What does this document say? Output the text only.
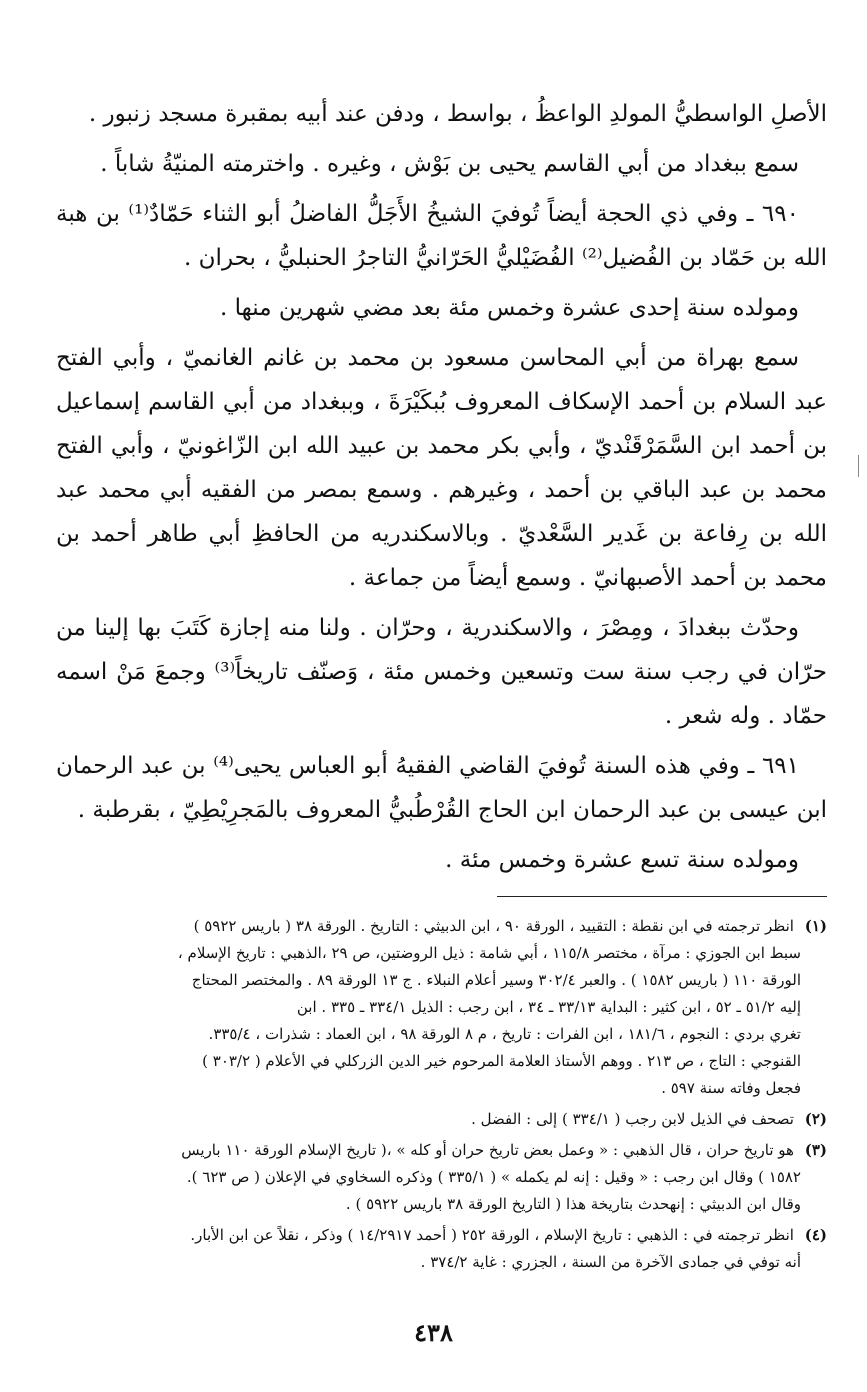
الأصلِ الواسطيُّ المولدِ الواعظُ ، بواسط ، ودفن عند أبيه بمقبرة مسجد زنبور .

سمع ببغداد من أبي القاسم يحيى بن بَوْش ، وغيره . واخترمته المنيّةُ شاباً .

٦٩٠ ـ وفي ذي الحجة أيضاً تُوفيَ الشيخُ الأَجَلُّ الفاضلُ أبو الثناء حَمّادٌ⁽¹⁾ بن هبة الله بن حَمّاد بن الفُضيل⁽²⁾ الفُضَيْليُّ الحَرّانيُّ التاجرُ الحنبليُّ ، بحران .

ومولده سنة إحدى عشرة وخمس مئة بعد مضي شهرين منها .

سمع بهراة من أبي المحاسن مسعود بن محمد بن غانم الغانميّ ، وأبي الفتح عبد السلام بن أحمد الإسكاف المعروف بُبكَيْرَةَ ، وببغداد من أبي القاسم إسماعيل بن أحمد ابن السَّمَرْقَنْديّ ، وأبي بكر محمد بن عبيد الله ابن الزّاغونيّ ، وأبي الفتح محمد بن عبد الباقي بن أحمد ، وغيرهم . وسمع بمصر من الفقيه أبي محمد عبد الله بن رِفاعة بن غَدير السَّعْديّ . وبالاسكندريه من الحافظِ أبي طاهر أحمد بن محمد بن أحمد الأصبهانيّ . وسمع أيضاً من جماعة .

وحدّث ببغدادَ ، ومِصْرَ ، والاسكندرية ، وحرّان . ولنا منه إجازة كَتَبَ بها إلينا من حرّان في رجب سنة ست وتسعين وخمس مئة ، وَصنّف تاريخاً⁽³⁾ وجمعَ مَنْ اسمه حمّاد . وله شعر .

٦٩١ ـ وفي هذه السنة تُوفيَ القاضي الفقيهُ أبو العباس يحيى⁽⁴⁾ بن عبد الرحمان ابن عيسى بن عبد الرحمان ابن الحاج القُرْطُبيُّ المعروف بالمَجرِيْطِيّ ، بقرطبة .

ومولده سنة تسع عشرة وخمس مئة .

(١) انظر ترجمته في ابن نقطة : التقييد ، الورقة ٩٠ ، ابن الدبيثي : التاريخ . الورقة ٣٨ ( باريس ٥٩٢٢ )
سبط ابن الجوزي : مرآة ، مختصر ١١٥/٨ ، أبي شامة : ذيل الروضتين، ص ٢٩ ،الذهبي : تاريخ الإسلام ،
الورقة ١١٠ ( باريس ١٥٨٢ ) . والعبر ٣٠٢/٤ وسير أعلام النبلاء . ج ١٣ الورقة ٨٩ . والمختصر المحتاج
إليه ٥١/٢ ـ ٥٢ ، ابن كثير : البداية ٣٣/١٣ ـ ٣٤ ، ابن رجب : الذيل ٣٣٤/١ ـ ٣٣٥ . ابن
تغري بردي : النجوم ، ١٨١/٦ ، ابن الفرات : تاريخ ، م ٨ الورقة ٩٨ ، ابن العماد : شذرات ، ٣٣٥/٤.
القنوجي : التاج ، ص ٢١٣ . ووهم الأستاذ العلامة المرحوم خير الدين الزركلي في الأعلام ( ٣٠٣/٢ )
فجعل وفاته سنة ٥٩٧ .
(٢) تصحف في الذيل لابن رجب ( ٣٣٤/١ ) إلى : الفضل .
(٣) هو تاريخ حران ، قال الذهبي : « وعمل بعض تاريخ حران أو كله » ،( تاريخ الإسلام الورقة ١١٠ باريس
١٥٨٢ ) وقال ابن رجب : « وقيل : إنه لم يكمله » ( ٣٣٥/١ ) وذكره السخاوي في الإعلان ( ص ٦٢٣ ).
وقال ابن الدبيثي : إنهحدث بتاريخة هذا ( التاريخ الورقة ٣٨ باريس ٥٩٢٢ ) .
(٤) انظر ترجمته في : الذهبي : تاريخ الإسلام ، الورقة ٢٥٢ ( أحمد ١٤/٢٩١٧ ) وذكر ، نقلاً عن ابن الأبار.
أنه توفي في جمادى الآخرة من السنة ، الجزري : غاية ٣٧٤/٢ .
٤٣٨
